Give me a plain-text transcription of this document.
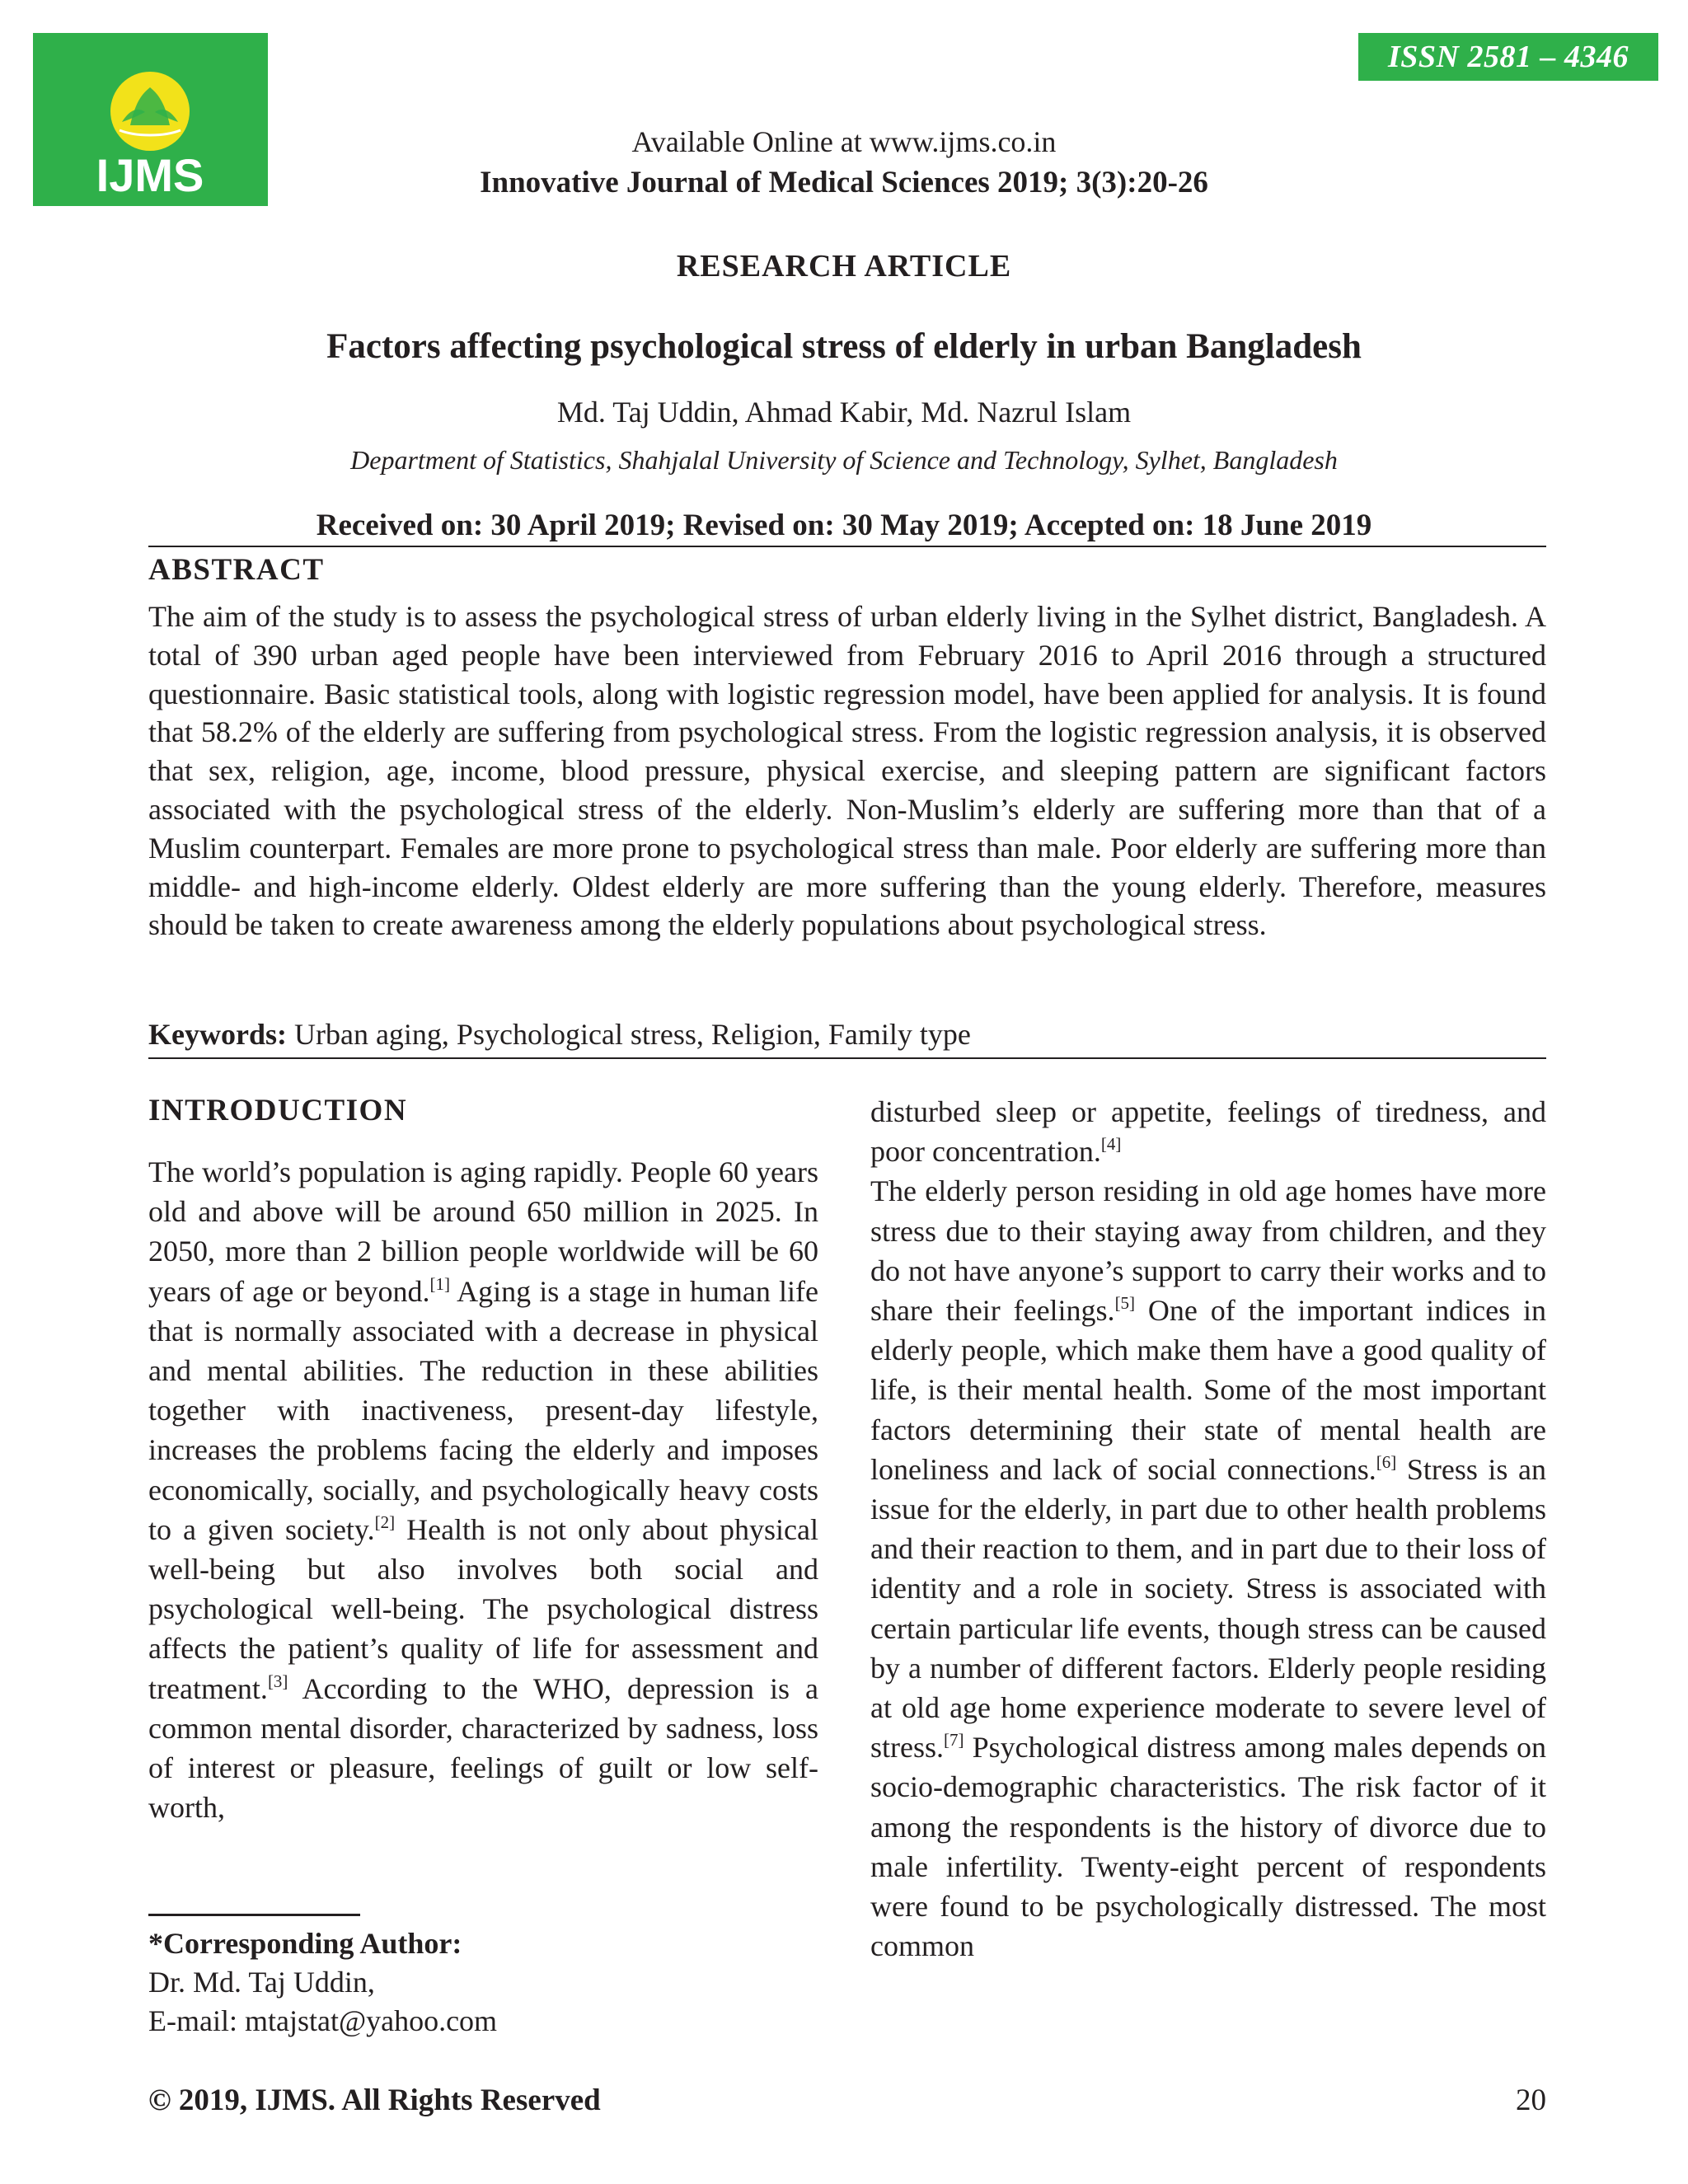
IJMS
ISSN 2581 – 4346
Available Online at www.ijms.co.in
Innovative Journal of Medical Sciences 2019; 3(3):20-26
RESEARCH ARTICLE
Factors affecting psychological stress of elderly in urban Bangladesh
Md. Taj Uddin, Ahmad Kabir, Md. Nazrul Islam
Department of Statistics, Shahjalal University of Science and Technology, Sylhet, Bangladesh
Received on: 30 April 2019; Revised on: 30 May 2019; Accepted on: 18 June 2019
ABSTRACT
The aim of the study is to assess the psychological stress of urban elderly living in the Sylhet district, Bangladesh. A total of 390 urban aged people have been interviewed from February 2016 to April 2016 through a structured questionnaire. Basic statistical tools, along with logistic regression model, have been applied for analysis. It is found that 58.2% of the elderly are suffering from psychological stress. From the logistic regression analysis, it is observed that sex, religion, age, income, blood pressure, physical exercise, and sleeping pattern are significant factors associated with the psychological stress of the elderly. Non-Muslim’s elderly are suffering more than that of a Muslim counterpart. Females are more prone to psychological stress than male. Poor elderly are suffering more than middle- and high-income elderly. Oldest elderly are more suffering than the young elderly. Therefore, measures should be taken to create awareness among the elderly populations about psychological stress.
Keywords: Urban aging, Psychological stress, Religion, Family type
INTRODUCTION

The world’s population is aging rapidly. People 60 years old and above will be around 650 million in 2025. In 2050, more than 2 billion people worldwide will be 60 years of age or beyond.[1] Aging is a stage in human life that is normally associated with a decrease in physical and mental abilities. The reduction in these abilities together with inactiveness, present-day lifestyle, increases the problems facing the elderly and imposes economically, socially, and psychologically heavy costs to a given society.[2] Health is not only about physical well-being but also involves both social and psychological well-being. The psychological distress affects the patient’s quality of life for assessment and treatment.[3] According to the WHO, depression is a common mental disorder, characterized by sadness, loss of interest or pleasure, feelings of guilt or low self-worth,

disturbed sleep or appetite, feelings of tiredness, and poor concentration.[4]

The elderly person residing in old age homes have more stress due to their staying away from children, and they do not have anyone’s support to carry their works and to share their feelings.[5] One of the important indices in elderly people, which make them have a good quality of life, is their mental health. Some of the most important factors determining their state of mental health are loneliness and lack of social connections.[6] Stress is an issue for the elderly, in part due to other health problems and their reaction to them, and in part due to their loss of identity and a role in society. Stress is associated with certain particular life events, though stress can be caused by a number of different factors. Elderly people residing at old age home experience moderate to severe level of stress.[7] Psychological distress among males depends on socio-demographic characteristics. The risk factor of it among the respondents is the history of divorce due to male infertility. Twenty-eight percent of respondents were found to be psychologically distressed. The most common

*Corresponding Author:
Dr. Md. Taj Uddin,
E-mail: mtajstat@yahoo.com
© 2019, IJMS. All Rights Reserved	20
